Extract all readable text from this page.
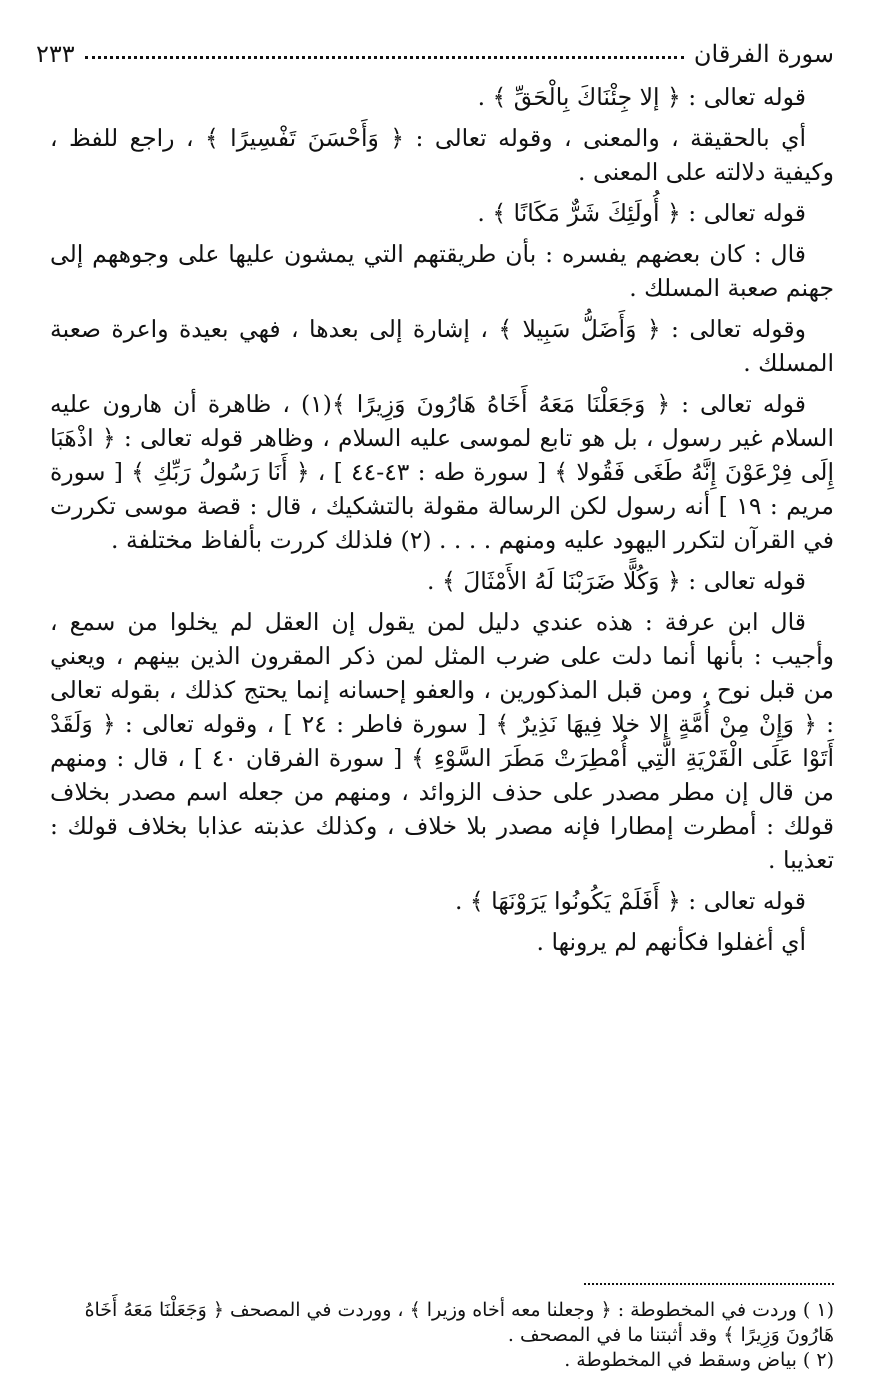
سورة الفرقان
٢٣٣

قوله تعالى : ﴿ إلا جِئْنَاكَ بِالْحَقِّ ﴾ .

أي بالحقيقة ، والمعنى ، وقوله تعالى : ﴿ وَأَحْسَنَ تَفْسِيرًا ﴾ ، راجع للفظ ، وكيفية دلالته على المعنى .

قوله تعالى : ﴿ أُولَئِكَ شَرٌّ مَكَانًا ﴾ .

قال : كان بعضهم يفسره : بأن طريقتهم التي يمشون عليها على وجوههم إلى جهنم صعبة المسلك .

وقوله تعالى : ﴿ وَأَضَلُّ سَبِيلا ﴾ ، إشارة إلى بعدها ، فهي بعيدة واعرة صعبة المسلك .

قوله تعالى : ﴿ وَجَعَلْنَا مَعَهُ أَخَاهُ هَارُونَ وَزِيرًا ﴾(١) ، ظاهرة أن هارون عليه السلام غير رسول ، بل هو تابع لموسى عليه السلام ، وظاهر قوله تعالى : ﴿ اذْهَبَا إِلَى فِرْعَوْنَ إِنَّهُ طَغَى فَقُولا ﴾ [ سورة طه : ٤٣-٤٤ ] ، ﴿ أَنَا رَسُولُ رَبِّكِ ﴾ [ سورة مريم : ١٩ ] أنه رسول لكن الرسالة مقولة بالتشكيك ، قال : قصة موسى تكررت في القرآن لتكرر اليهود عليه ومنهم . . . . (٢) فلذلك كررت بألفاظ مختلفة .

قوله تعالى : ﴿ وَكُلًّا ضَرَبْنَا لَهُ الأَمْثَالَ ﴾ .

قال ابن عرفة : هذه عندي دليل لمن يقول إن العقل لم يخلوا من سمع ، وأجيب : بأنها أنما دلت على ضرب المثل لمن ذكر المقرون الذين بينهم ، ويعني من قبل نوح ، ومن قبل المذكورين ، والعفو إحسانه إنما يحتج كذلك ، بقوله تعالى : ﴿ وَإِنْ مِنْ أُمَّةٍ إلا خلا فِيهَا نَذِيرٌ ﴾ [ سورة فاطر : ٢٤ ] ، وقوله تعالى : ﴿ وَلَقَدْ أَتَوْا عَلَى الْقَرْيَةِ الَّتِي أُمْطِرَتْ مَطَرَ السَّوْءِ ﴾ [ سورة الفرقان ٤٠ ] ، قال : ومنهم من قال إن مطر مصدر على حذف الزوائد ، ومنهم من جعله اسم مصدر بخلاف قولك : أمطرت إمطارا فإنه مصدر بلا خلاف ، وكذلك عذبته عذابا بخلاف قولك : تعذيبا .

قوله تعالى : ﴿ أَفَلَمْ يَكُونُوا يَرَوْنَهَا ﴾ .

أي أغفلوا فكأنهم لم يرونها .

(١ ) وردت في المخطوطة : ﴿ وجعلنا معه أخاه وزيرا ﴾ ، ووردت في المصحف ﴿ وَجَعَلْنَا مَعَهُ أَخَاهُ هَارُونَ وَزِيرًا ﴾ وقد أثبتنا ما في المصحف .

(٢ ) بياض وسقط في المخطوطة .
